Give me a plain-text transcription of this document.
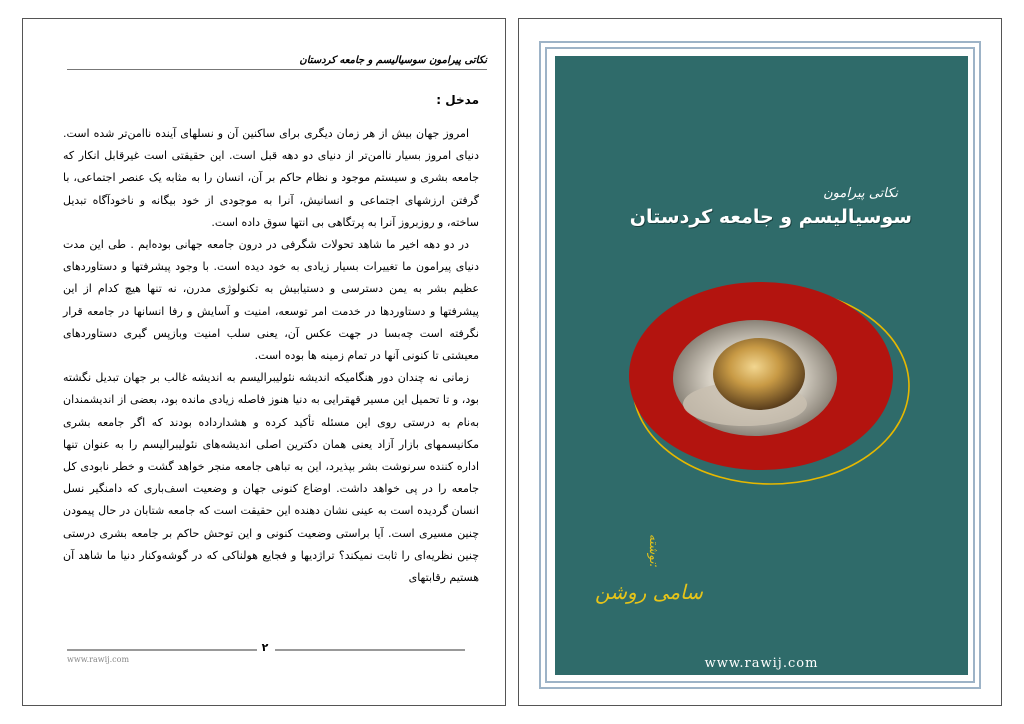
نکاتی پیرامون سوسیالیسم و جامعه کردستان
مدخل :

امروز جهان بیش از هر زمان دیگری برای ساکنین آن و نسلهای آینده ناامن‌تر شده است. دنیای امروز بسیار ناامن‌تر از دنیای دو دهه قبل است. این حقیقتی است غیرقابل انکار که جامعه بشری و سیستم موجود و نظام حاکم بر آن، انسان را به مثابه یک عنصر اجتماعی، با گرفتن ارزشهای اجتماعی و انسانیش، آنرا به موجودی از خود بیگانه و ناخودآگاه تبدیل ساخته، و روزبروز آنرا به پرتگاهی بی انتها سوق داده است.

در دو دهه اخیر ما شاهد تحولات شگرفی در درون جامعه جهانی بوده‌ایم . طی این مدت دنیای پیرامون ما تغییرات بسیار زیادی به خود دیده است. با وجود پیشرفتها و دستاوردهای عظیم بشر به یمن دسترسی و دستیابیش به تکنولوژی مدرن، نه تنها هیچ کدام از این پیشرفتها و دستاوردها در خدمت امر توسعه، امنیت و آسایش و رفا انسانها در جامعه قرار نگرفته است چه‌بسا در جهت عکس آن، یعنی سلب امنیت وبازپس گیری دستاوردهای معیشتی تا کنونی آنها در تمام زمینه ها بوده است.

زمانی نه چندان دور هنگامیکه اندیشه نئولیبرالیسم به اندیشه غالب بر جهان تبدیل نگشته بود، و تا تحمیل این مسیر قهقرایی به دنیا هنوز فاصله زیادی مانده بود، بعضی از اندیشمندان به‌نام به درستی روی این مسئله تأکید کرده و هشدارداده بودند که اگر جامعه بشری مکانیسمهای بازار آزاد یعنی همان دکترین اصلی اندیشه‌های نئولیبرالیسم را به عنوان تنها اداره کننده سرنوشت بشر بپذیرد، این به تباهی جامعه منجر خواهد گشت و خطر نابودی کل جامعه را در پی خواهد داشت. اوضاع کنونی جهان و وضعیت اسف‌باری که دامنگیر نسل انسان گردیده است به عینی نشان دهنده این حقیقت است که جامعه شتابان در حال پیمودن چنین مسیری است. آیا براستی وضعیت کنونی و این توحش حاکم بر جامعه بشری درستی چنین نظریه‌ای را ثابت نمیکند؟ تراژدیها و فجایع هولناکی که در گوشه‌وکنار دنیا ما شاهد آن هستیم رقابتهای

۲
www.rawij.com
نکاتی پیرامون
سوسیالیسم و جامعه کردستان
نوشته:
سامی روشن
www.rawij.com
